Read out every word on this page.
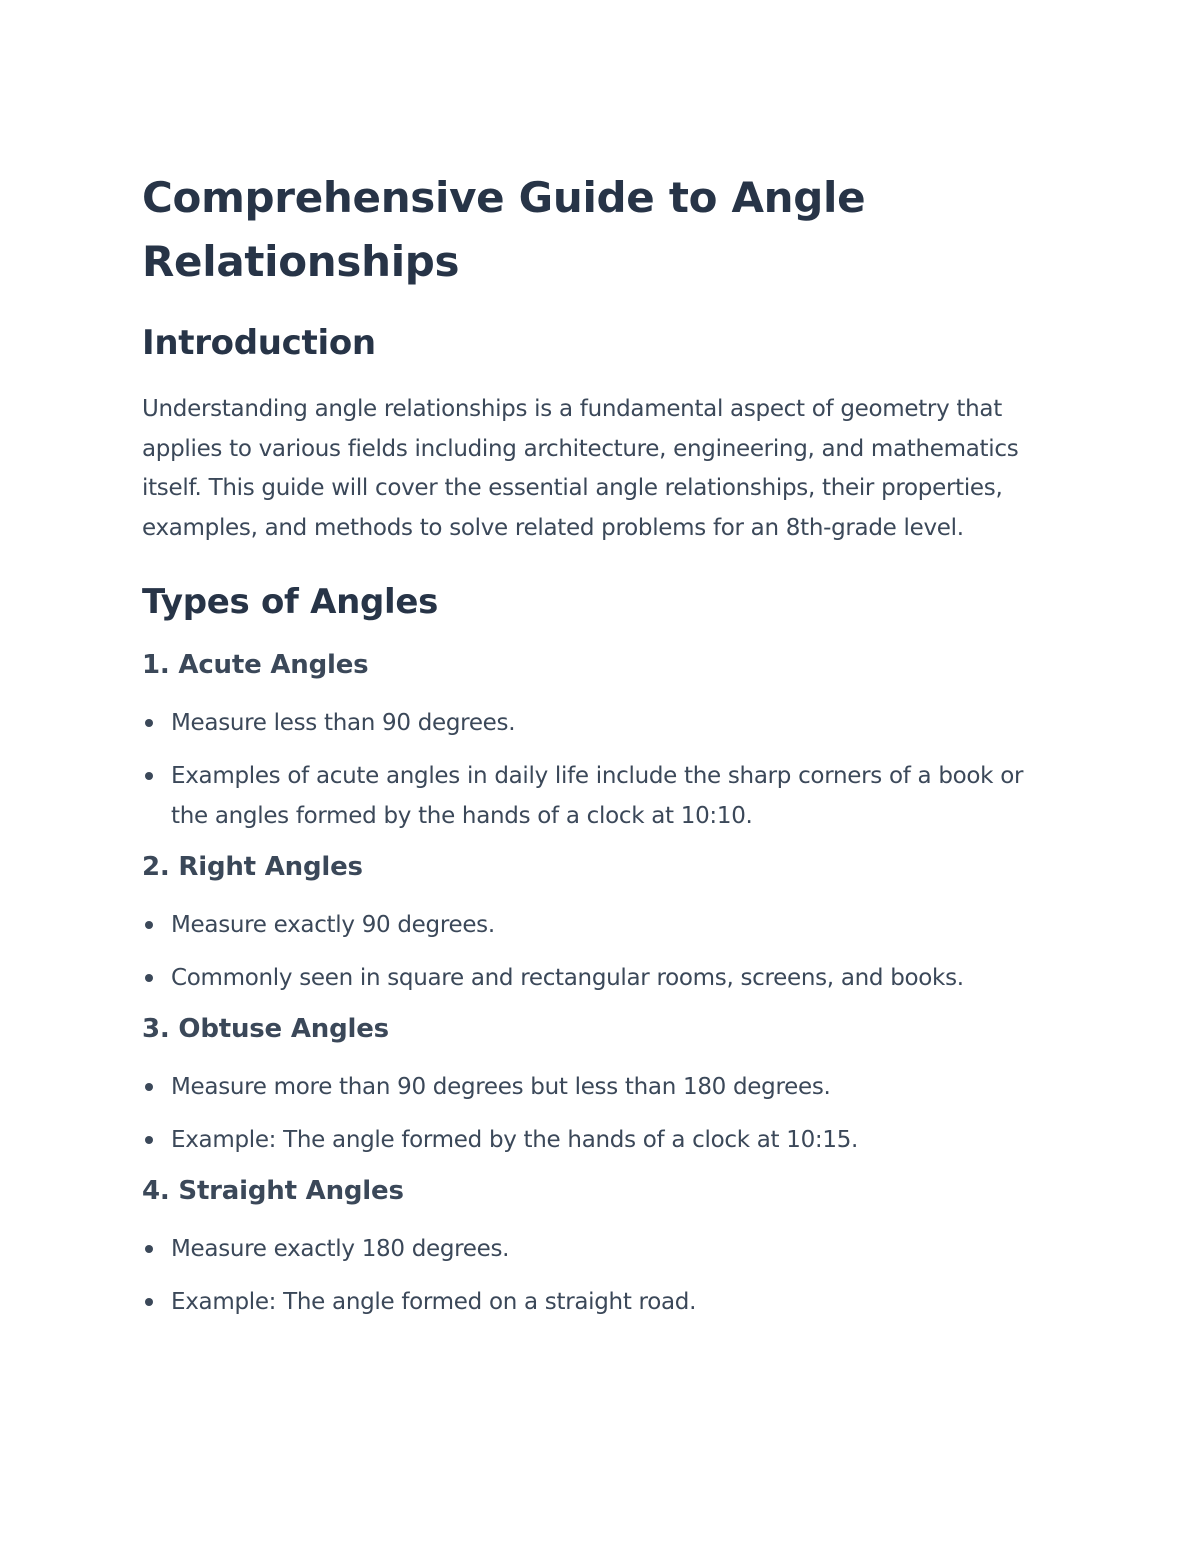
Comprehensive Guide to Angle Relationships
Introduction

Understanding angle relationships is a fundamental aspect of geometry that applies to various fields including architecture, engineering, and mathematics itself. This guide will cover the essential angle relationships, their properties, examples, and methods to solve related problems for an 8th-grade level.

Types of Angles
1. Acute Angles
Measure less than 90 degrees.
Examples of acute angles in daily life include the sharp corners of a book or the angles formed by the hands of a clock at 10:10.
2. Right Angles
Measure exactly 90 degrees.
Commonly seen in square and rectangular rooms, screens, and books.
3. Obtuse Angles
Measure more than 90 degrees but less than 180 degrees.
Example: The angle formed by the hands of a clock at 10:15.
4. Straight Angles
Measure exactly 180 degrees.
Example: The angle formed on a straight road.
